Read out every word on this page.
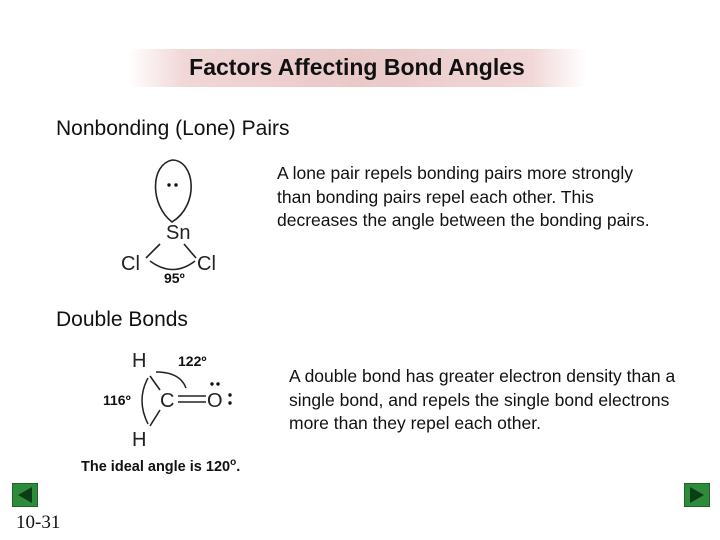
Factors Affecting Bond Angles
Nonbonding (Lone) Pairs
A lone pair repels bonding pairs more strongly than bonding pairs repel each other. This decreases the angle between the bonding pairs.
Sn
Cl	Cl
95º
Double Bonds
A double bond has greater electron density than a single bond, and repels the single bond electrons more than they repel each other.
H
H
C O
122º
116º
The ideal angle is 120$^o$.
10-31
